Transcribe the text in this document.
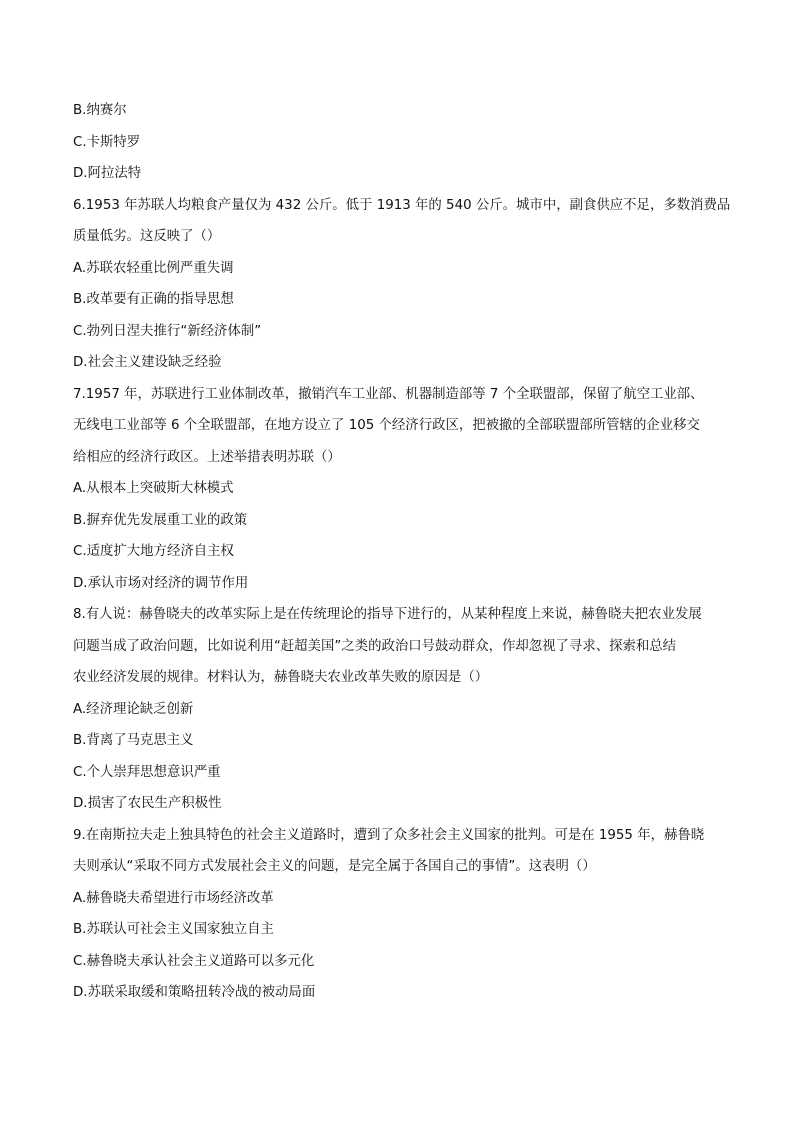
B.纳赛尔

C.卡斯特罗

D.阿拉法特

6.1953 年苏联人均粮食产量仅为 432 公斤。低于 1913 年的 540 公斤。城市中，副食供应不足，多数消费品

质量低劣。这反映了（）

A.苏联农轻重比例严重失调

B.改革要有正确的指导思想

C.勃列日涅夫推行“新经济体制”

D.社会主义建设缺乏经验

7.1957 年，苏联进行工业体制改革，撤销汽车工业部、机器制造部等 7 个全联盟部，保留了航空工业部、

无线电工业部等 6 个全联盟部，在地方设立了 105 个经济行政区，把被撤的全部联盟部所管辖的企业移交

给相应的经济行政区。上述举措表明苏联（）

A.从根本上突破斯大林模式

B.摒弃优先发展重工业的政策

C.适度扩大地方经济自主权

D.承认市场对经济的调节作用

8.有人说：赫鲁晓夫的改革实际上是在传统理论的指导下进行的，从某种程度上来说，赫鲁晓夫把农业发展

问题当成了政治问题，比如说利用“赶超美国”之类的政治口号鼓动群众，作却忽视了寻求、探索和总结

农业经济发展的规律。材料认为，赫鲁晓夫农业改革失败的原因是（）

A.经济理论缺乏创新

B.背离了马克思主义

C.个人崇拜思想意识严重

D.损害了农民生产积极性

9.在南斯拉夫走上独具特色的社会主义道路时，遭到了众多社会主义国家的批判。可是在 1955 年，赫鲁晓

夫则承认“采取不同方式发展社会主义的问题，是完全属于各国自己的事情”。这表明（）

A.赫鲁晓夫希望进行市场经济改革

B.苏联认可社会主义国家独立自主

C.赫鲁晓夫承认社会主义道路可以多元化

D.苏联采取缓和策略扭转冷战的被动局面
